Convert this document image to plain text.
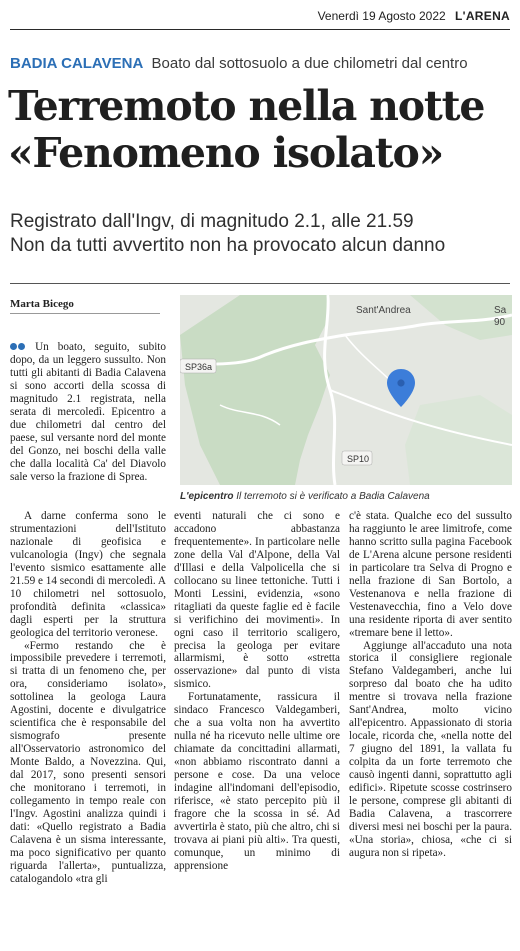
Venerdì 19 Agosto 2022 L'ARENA
BADIA CALAVENA Boato dal sottosuolo a due chilometri dal centro
Terremoto nella notte
«Fenomeno isolato»
Registrato dall'Ingv, di magnitudo 2.1, alle 21.59
Non da tutti avvertito non ha provocato alcun danno
Marta Bicego
SP36a
SP10
Sant'Andrea	Sa
90
L'epicentro Il terremoto si è verificato a Badia Calavena

Un boato, seguito, subito dopo, da un leggero sussulto. Non tutti gli abitanti di Badia Calavena si sono accorti della scossa di magnitudo 2.1 registrata, nella serata di mercoledì. Epicentro a due chilometri dal centro del paese, sul versante nord del monte del Gonzo, nei boschi della valle che dalla località Ca' del Diavolo sale verso la frazione di Sprea.

A darne conferma sono le strumentazioni dell'Istituto nazionale di geofisica e vulcanologia (Ingv) che segnala l'evento sismico esattamente alle 21.59 e 14 secondi di mercoledì. A 10 chilometri nel sottosuolo, profondità definita «classica» dagli esperti per la struttura geologica del territorio veronese.

«Fermo restando che è impossibile prevedere i terremoti, si tratta di un fenomeno che, per ora, consideriamo isolato», sottolinea la geologa Laura Agostini, docente e divulgatrice scientifica che è responsabile del sismografo presente all'Osservatorio astronomico del Monte Baldo, a Novezzina. Qui, dal 2017, sono presenti sensori che monitorano i terremoti, in collegamento in tempo reale con l'Ingv. Agostini analizza quindi i dati: «Quello registrato a Badia Calavena è un sisma interessante, ma poco significativo per quanto riguarda l'allerta», puntualizza, catalogandolo «tra gli

eventi naturali che ci sono e accadono abbastanza frequentemente». In particolare nelle zone della Val d'Alpone, della Val d'Illasi e della Valpolicella che si collocano su linee tettoniche. Tutti i Monti Lessini, evidenzia, «sono ritagliati da queste faglie ed è facile si verifichino dei movimenti». In ogni caso il territorio scaligero, precisa la geologa per evitare allarmismi, è sotto «stretta osservazione» dal punto di vista sismico.

Fortunatamente, rassicura il sindaco Francesco Valdegamberi, che a sua volta non ha avvertito nulla né ha ricevuto nelle ultime ore chiamate da concittadini allarmati, «non abbiamo riscontrato danni a persone e cose. Da una veloce indagine all'indomani dell'episodio, riferisce, «è stato percepito più il fragore che la scossa in sé. Ad avvertirla è stato, più che altro, chi si trovava ai piani più alti». Tra questi, comunque, un minimo di apprensione

c'è stata. Qualche eco del sussulto ha raggiunto le aree limitrofe, come hanno scritto sulla pagina Facebook de L'Arena alcune persone residenti in particolare tra Selva di Progno e nella frazione di San Bortolo, a Vestenanova e nella frazione di Vestenavecchia, fino a Velo dove una residente riporta di aver sentito «tremare bene il letto».

Aggiunge all'accaduto una nota storica il consigliere regionale Stefano Valdegamberi, anche lui sorpreso dal boato che ha udito mentre si trovava nella frazione Sant'Andrea, molto vicino all'epicentro. Appassionato di storia locale, ricorda che, «nella notte del 7 giugno del 1891, la vallata fu colpita da un forte terremoto che causò ingenti danni, soprattutto agli edifici». Ripetute scosse costrinsero le persone, comprese gli abitanti di Badia Calavena, a trascorrere diversi mesi nei boschi per la paura. «Una storia», chiosa, «che ci si augura non si ripeta».
